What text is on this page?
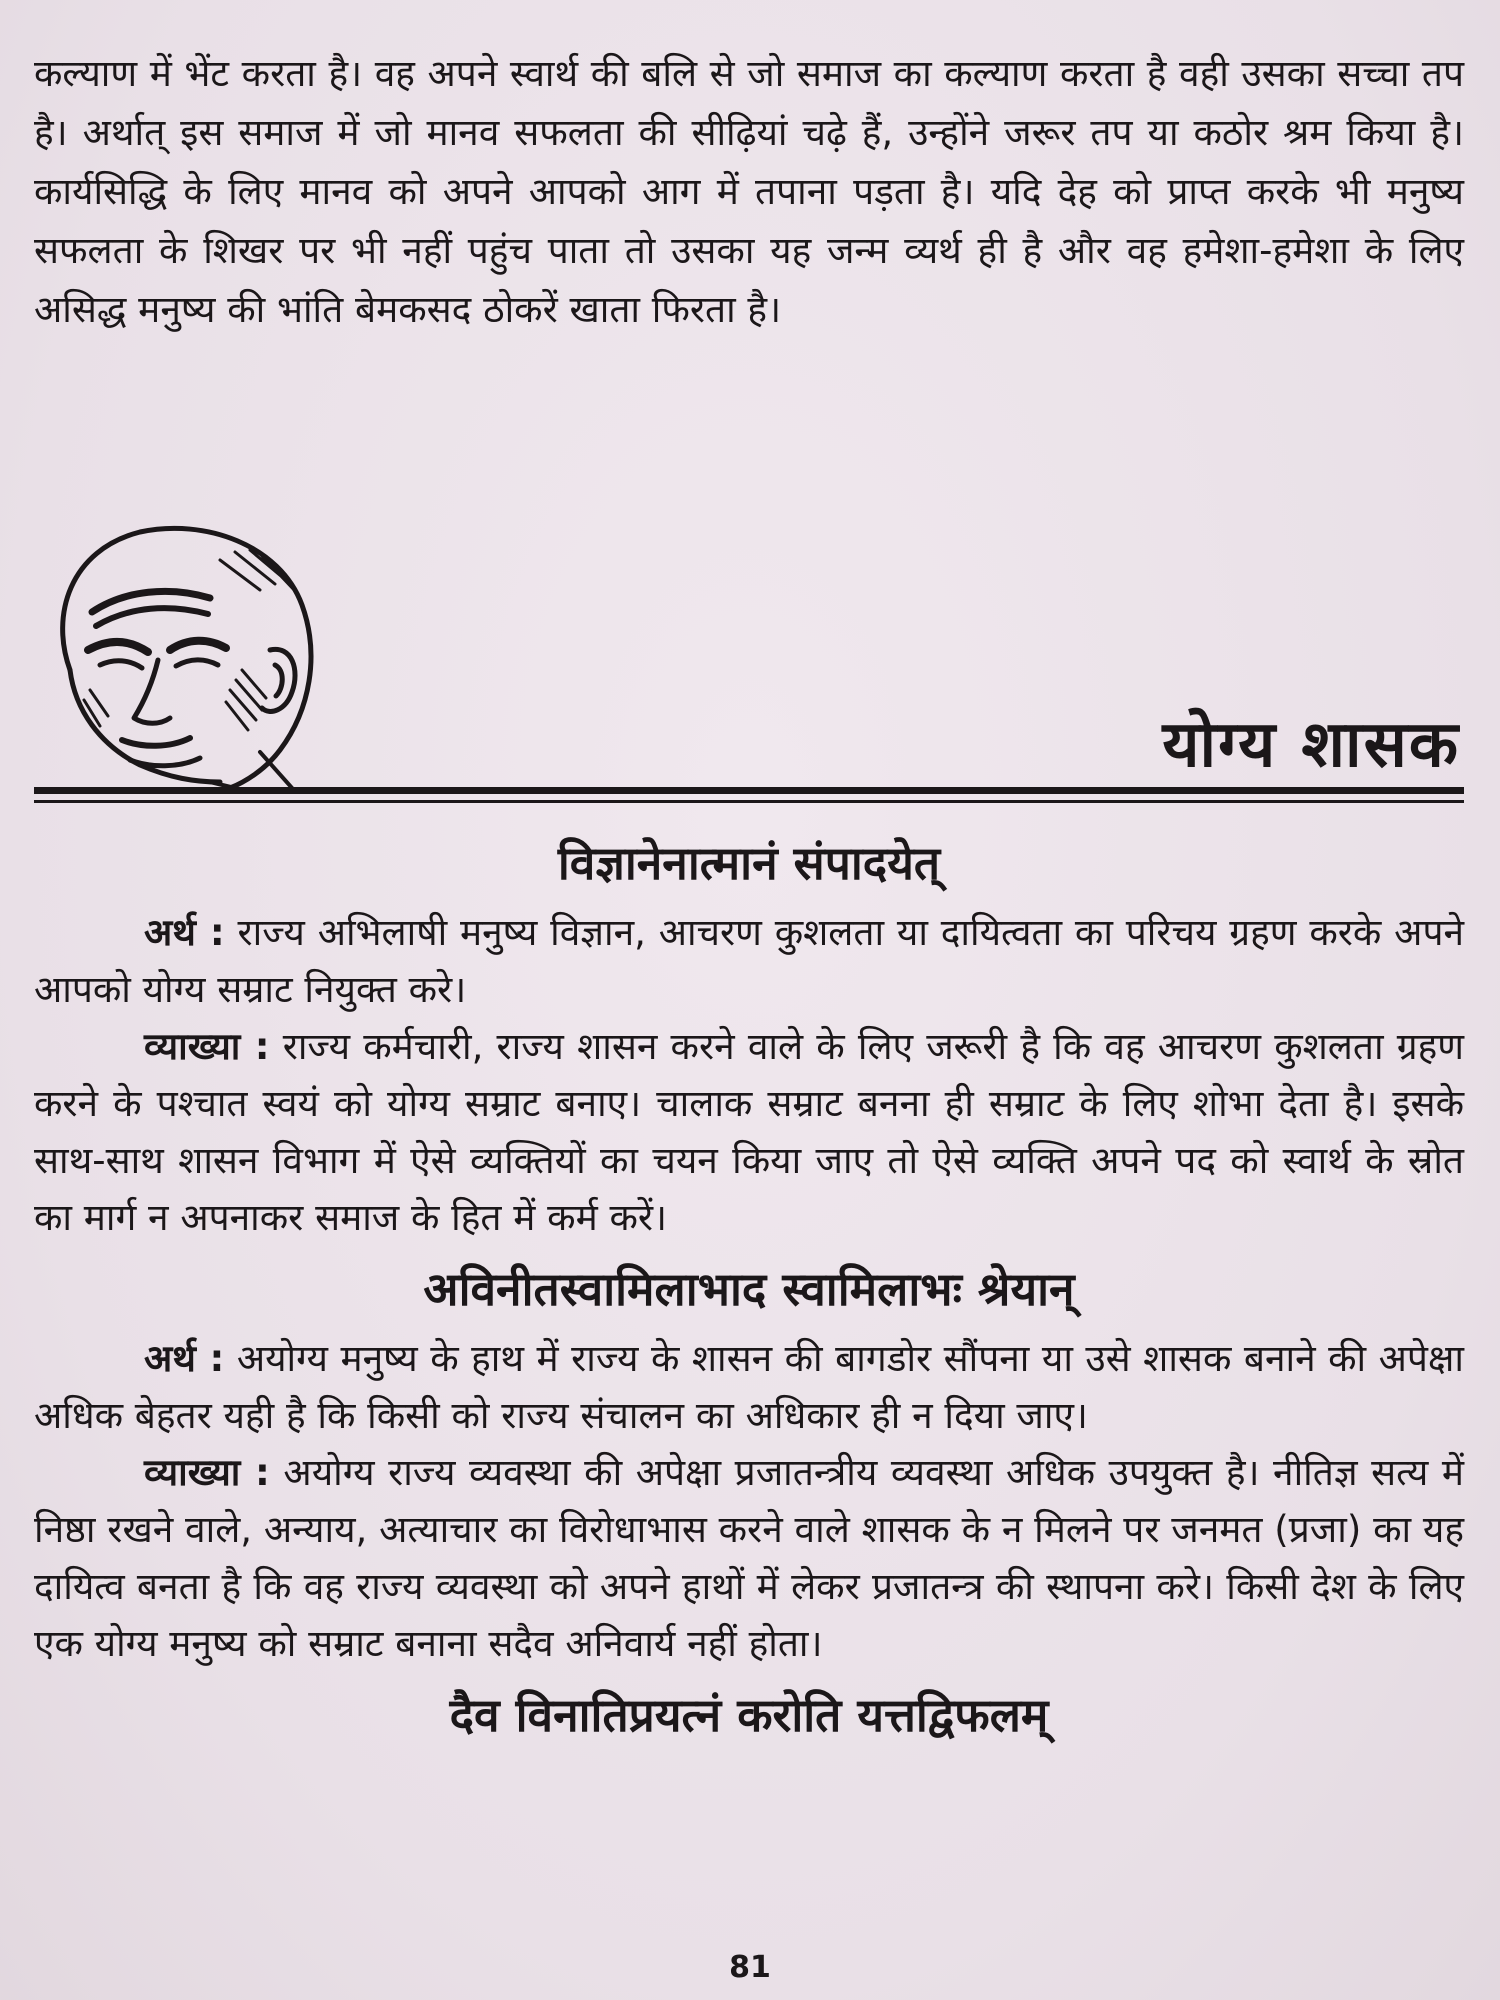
कल्याण में भेंट करता है। वह अपने स्वार्थ की बलि से जो समाज का कल्याण करता है वही उसका सच्चा तप है। अर्थात् इस समाज में जो मानव सफलता की सीढ़ियां चढ़े हैं, उन्होंने जरूर तप या कठोर श्रम किया है। कार्यसिद्धि के लिए मानव को अपने आपको आग में तपाना पड़ता है। यदि देह को प्राप्त करके भी मनुष्य सफलता के शिखर पर भी नहीं पहुंच पाता तो उसका यह जन्म व्यर्थ ही है और वह हमेशा-हमेशा के लिए असिद्ध मनुष्य की भांति बेमकसद ठोकरें खाता फिरता है।

योग्य शासक
विज्ञानेनात्मानं संपादयेत्

अर्थ : राज्य अभिलाषी मनुष्य विज्ञान, आचरण कुशलता या दायित्वता का परिचय ग्रहण करके अपने आपको योग्य सम्राट नियुक्त करे।

व्याख्या : राज्य कर्मचारी, राज्य शासन करने वाले के लिए जरूरी है कि वह आचरण कुशलता ग्रहण करने के पश्चात स्वयं को योग्य सम्राट बनाए। चालाक सम्राट बनना ही सम्राट के लिए शोभा देता है। इसके साथ-साथ शासन विभाग में ऐसे व्यक्तियों का चयन किया जाए तो ऐसे व्यक्ति अपने पद को स्वार्थ के स्रोत का मार्ग न अपनाकर समाज के हित में कर्म करें।

अविनीतस्वामिलाभाद स्वामिलाभः श्रेयान्

अर्थ : अयोग्य मनुष्य के हाथ में राज्य के शासन की बागडोर सौंपना या उसे शासक बनाने की अपेक्षा अधिक बेहतर यही है कि किसी को राज्य संचालन का अधिकार ही न दिया जाए।

व्याख्या : अयोग्य राज्य व्यवस्था की अपेक्षा प्रजातन्त्रीय व्यवस्था अधिक उपयुक्त है। नीतिज्ञ सत्य में निष्ठा रखने वाले, अन्याय, अत्याचार का विरोधाभास करने वाले शासक के न मिलने पर जनमत (प्रजा) का यह दायित्व बनता है कि वह राज्य व्यवस्था को अपने हाथों में लेकर प्रजातन्त्र की स्थापना करे। किसी देश के लिए एक योग्य मनुष्य को सम्राट बनाना सदैव अनिवार्य नहीं होता।

दैव विनातिप्रयत्नं करोति यत्तद्विफलम्
81
